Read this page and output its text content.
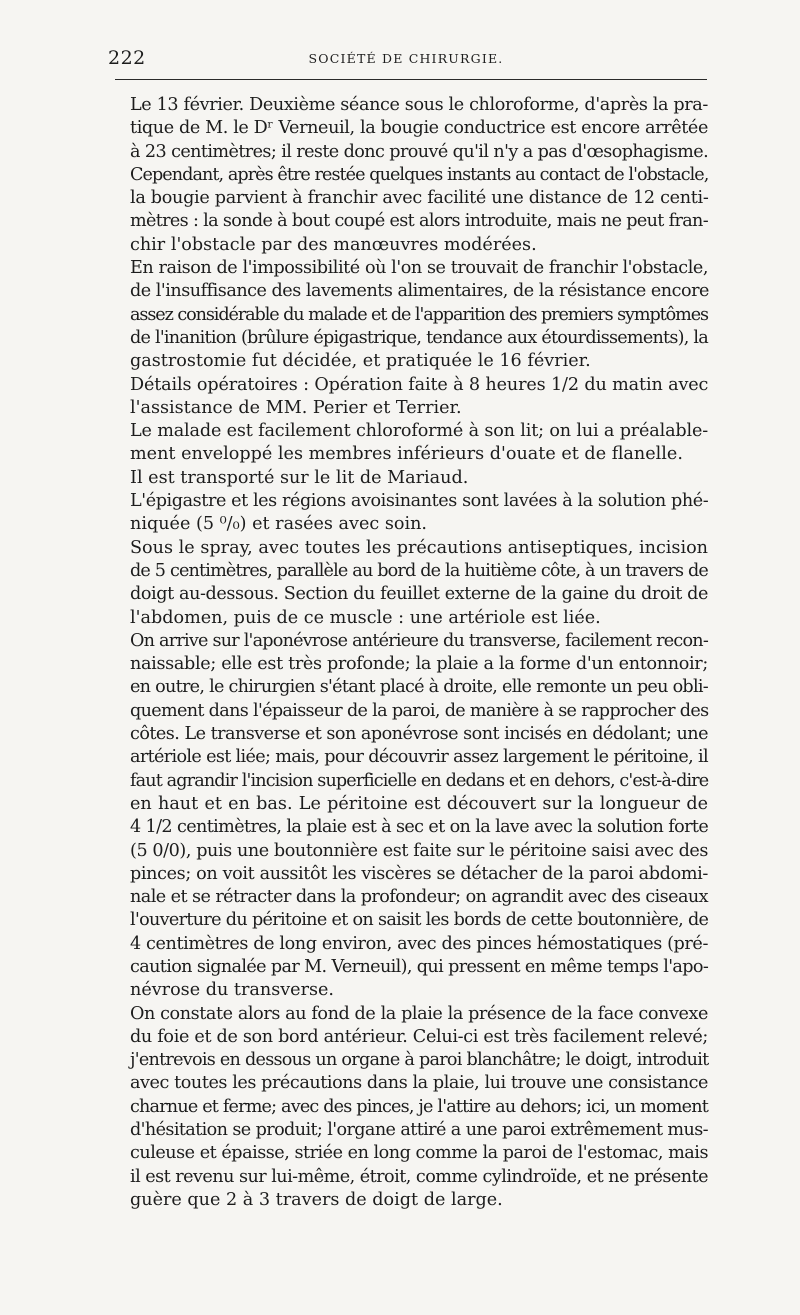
222	SOCIÉTÉ DE CHIRURGIE.

Le 13 février. Deuxième séance sous le chloroforme, d'après la pra-
tique de M. le Dʳ Verneuil, la bougie conductrice est encore arrêtée
à 23 centimètres; il reste donc prouvé qu'il n'y a pas d'œsophagisme.

Cependant, après être restée quelques instants au contact de l'obstacle,
la bougie parvient à franchir avec facilité une distance de 12 centi-
mètres : la sonde à bout coupé est alors introduite, mais ne peut fran-
chir l'obstacle par des manœuvres modérées.

En raison de l'impossibilité où l'on se trouvait de franchir l'obstacle,
de l'insuffisance des lavements alimentaires, de la résistance encore
assez considérable du malade et de l'apparition des premiers symptômes
de l'inanition (brûlure épigastrique, tendance aux étourdissements), la
gastrostomie fut décidée, et pratiquée le 16 février.

Détails opératoires : Opération faite à 8 heures 1/2 du matin avec
l'assistance de MM. Perier et Terrier.

Le malade est facilement chloroformé à son lit; on lui a préalable-
ment enveloppé les membres inférieurs d'ouate et de flanelle.

Il est transporté sur le lit de Mariaud.

L'épigastre et les régions avoisinantes sont lavées à la solution phé-
niquée (5 ⁰/₀) et rasées avec soin.

Sous le spray, avec toutes les précautions antiseptiques, incision
de 5 centimètres, parallèle au bord de la huitième côte, à un travers de
doigt au-dessous. Section du feuillet externe de la gaine du droit de
l'abdomen, puis de ce muscle : une artériole est liée.

On arrive sur l'aponévrose antérieure du transverse, facilement recon-
naissable; elle est très profonde; la plaie a la forme d'un entonnoir;
en outre, le chirurgien s'étant placé à droite, elle remonte un peu obli-
quement dans l'épaisseur de la paroi, de manière à se rapprocher des
côtes. Le transverse et son aponévrose sont incisés en dédolant; une
artériole est liée; mais, pour découvrir assez largement le péritoine, il
faut agrandir l'incision superficielle en dedans et en dehors, c'est-à-dire
en haut et en bas. Le péritoine est découvert sur la longueur de
4 1/2 centimètres, la plaie est à sec et on la lave avec la solution forte
(5 0/0), puis une boutonnière est faite sur le péritoine saisi avec des
pinces; on voit aussitôt les viscères se détacher de la paroi abdomi-
nale et se rétracter dans la profondeur; on agrandit avec des ciseaux
l'ouverture du péritoine et on saisit les bords de cette boutonnière, de
4 centimètres de long environ, avec des pinces hémostatiques (pré-
caution signalée par M. Verneuil), qui pressent en même temps l'apo-
névrose du transverse.

On constate alors au fond de la plaie la présence de la face convexe
du foie et de son bord antérieur. Celui-ci est très facilement relevé;
j'entrevois en dessous un organe à paroi blanchâtre; le doigt, introduit
avec toutes les précautions dans la plaie, lui trouve une consistance
charnue et ferme; avec des pinces, je l'attire au dehors; ici, un moment
d'hésitation se produit; l'organe attiré a une paroi extrêmement mus-
culeuse et épaisse, striée en long comme la paroi de l'estomac, mais
il est revenu sur lui-même, étroit, comme cylindroïde, et ne présente
guère que 2 à 3 travers de doigt de large.
